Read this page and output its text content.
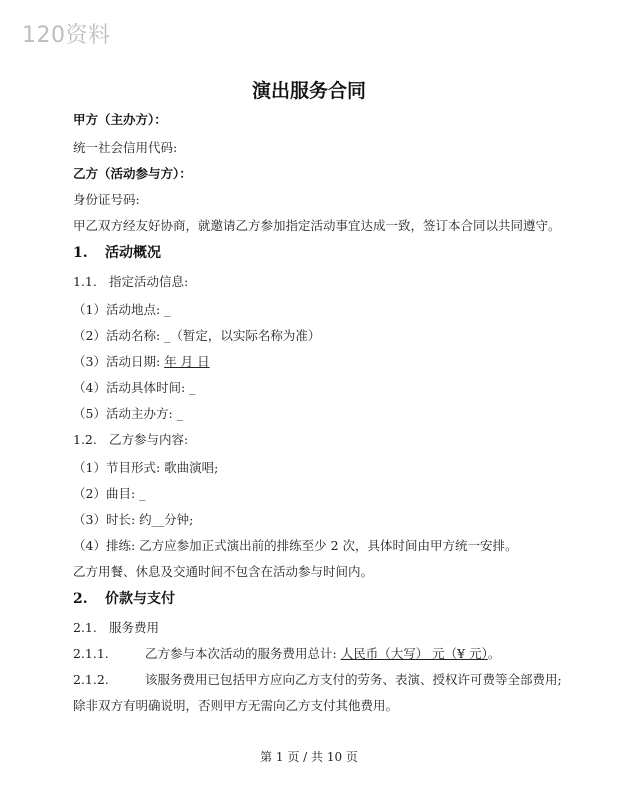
120资料
演出服务合同
甲方（主办方）：
统一社会信用代码:
乙方（活动参与方）：
身份证号码:
甲乙双方经友好协商，就邀请乙方参加指定活动事宜达成一致，签订本合同以共同遵守。
1. 活动概况
1.1. 指定活动信息:
（1）活动地点: _
（2）活动名称: _（暂定，以实际名称为准）
（3）活动日期: 年 月 日
（4）活动具体时间: _
（5）活动主办方: _
1.2. 乙方参与内容:
（1）节目形式: 歌曲演唱;
（2）曲目: _
（3）时长: 约__分钟;
（4）排练: 乙方应参加正式演出前的排练至少 2 次，具体时间由甲方统一安排。
乙方用餐、休息及交通时间不包含在活动参与时间内。
2. 价款与支付
2.1. 服务费用
2.1.1.	乙方参与本次活动的服务费用总计: 人民币（大写） 元（¥ 元）。
2.1.2.	该服务费用已包括甲方应向乙方支付的劳务、表演、授权许可费等全部费用;
除非双方有明确说明，否则甲方无需向乙方支付其他费用。
第 1 页 / 共 10 页
